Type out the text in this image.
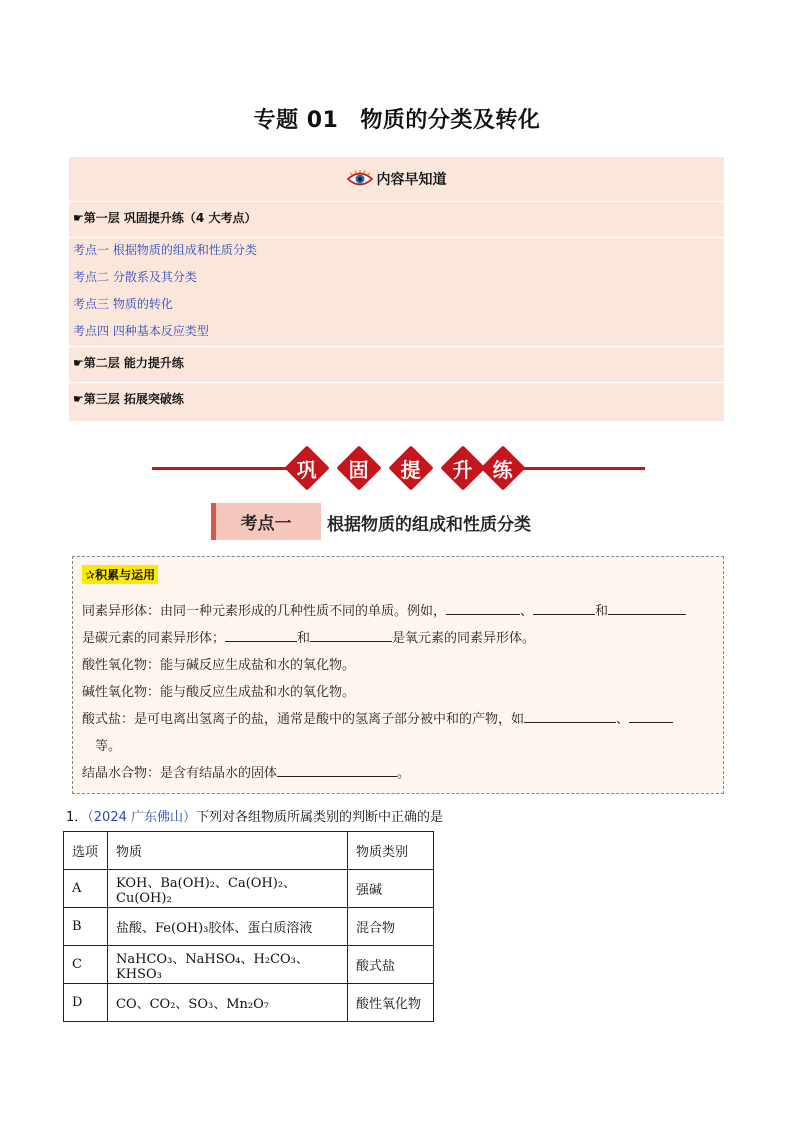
专题 01 物质的分类及转化
内容早知道
☛第一层 巩固提升练（4 大考点）
考点一 根据物质的组成和性质分类
考点二 分散系及其分类
考点三 物质的转化
考点四 四种基本反应类型
☛第二层 能力提升练
☛第三层 拓展突破练
巩 固 提 升 练
考点一	根据物质的组成和性质分类
✰积累与运用
同素异形体：由同一种元素形成的几种性质不同的单质。例如，	、	和
是碳元素的同素异形体；	和	是氧元素的同素异形体。
酸性氧化物：能与碱反应生成盐和水的氧化物。
碱性氧化物：能与酸反应生成盐和水的氧化物。
酸式盐：是可电离出氢离子的盐，通常是酸中的氢离子部分被中和的产物，如	、
等。
结晶水合物：是含有结晶水的固体	。
1．（2024 广东佛山）下列对各组物质所属类别的判断中正确的是
选项	物质	物质类别
A	KOH、Ba(OH)₂、Ca(OH)₂、Cu(OH)₂	强碱
B	盐酸、Fe(OH)₃胶体、蛋白质溶液	混合物
C	NaHCO₃、NaHSO₄、H₂CO₃、KHSO₃	酸式盐
D	CO、CO₂、SO₃、Mn₂O₇	酸性氧化物
